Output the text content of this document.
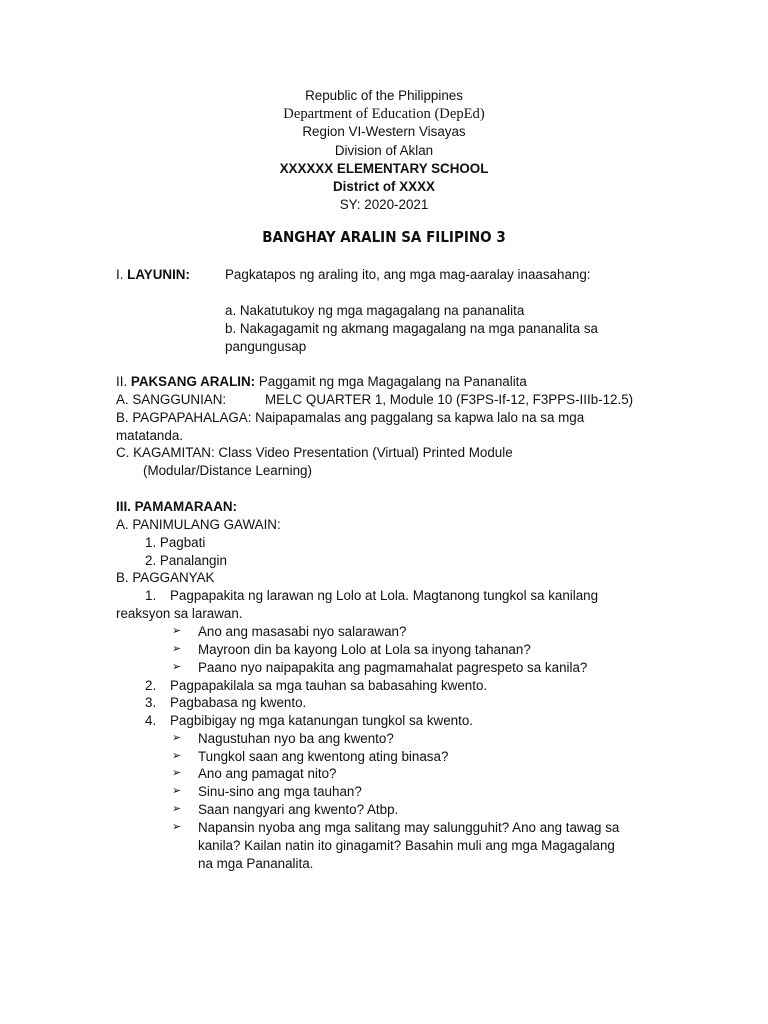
Republic of the Philippines
Department of Education (DepEd)
Region VI-Western Visayas
Division of Aklan
XXXXXX ELEMENTARY SCHOOL
District of XXXX
SY: 2020-2021
BANGHAY ARALIN SA FILIPINO 3
I. LAYUNIN:	Pagkatapos ng araling ito, ang mga mag-aaralay inaasahang:
a. Nakatutukoy ng mga magagalang na pananalita
b. Nakagagamit ng akmang magagalang na mga pananalita sa
pangungusap
II. PAKSANG ARALIN: Paggamit ng mga Magagalang na Pananalita
A. SANGGUNIAN:	MELC QUARTER 1, Module 10 (F3PS-If-12, F3PPS-IIIb-12.5)
B. PAGPAPAHALAGA: Naipapamalas ang paggalang sa kapwa lalo na sa mga
matatanda.
C. KAGAMITAN: Class Video Presentation (Virtual) Printed Module
(Modular/Distance Learning)
III. PAMAMARAAN:
A. PANIMULANG GAWAIN:
1. Pagbati
2. Panalangin
B. PAGGANYAK
1. Pagpapakita ng larawan ng Lolo at Lola. Magtanong tungkol sa kanilang
reaksyon sa larawan.
➢ Ano ang masasabi nyo salarawan?
➢ Mayroon din ba kayong Lolo at Lola sa inyong tahanan?
➢ Paano nyo naipapakita ang pagmamahalat pagrespeto sa kanila?
2. Pagpapakilala sa mga tauhan sa babasahing kwento.
3. Pagbabasa ng kwento.
4. Pagbibigay ng mga katanungan tungkol sa kwento.
➢ Nagustuhan nyo ba ang kwento?
➢ Tungkol saan ang kwentong ating binasa?
➢ Ano ang pamagat nito?
➢ Sinu-sino ang mga tauhan?
➢ Saan nangyari ang kwento? Atbp.
➢ Napansin nyoba ang mga salitang may salungguhit? Ano ang tawag sa
kanila? Kailan natin ito ginagamit? Basahin muli ang mga Magagalang
na mga Pananalita.
